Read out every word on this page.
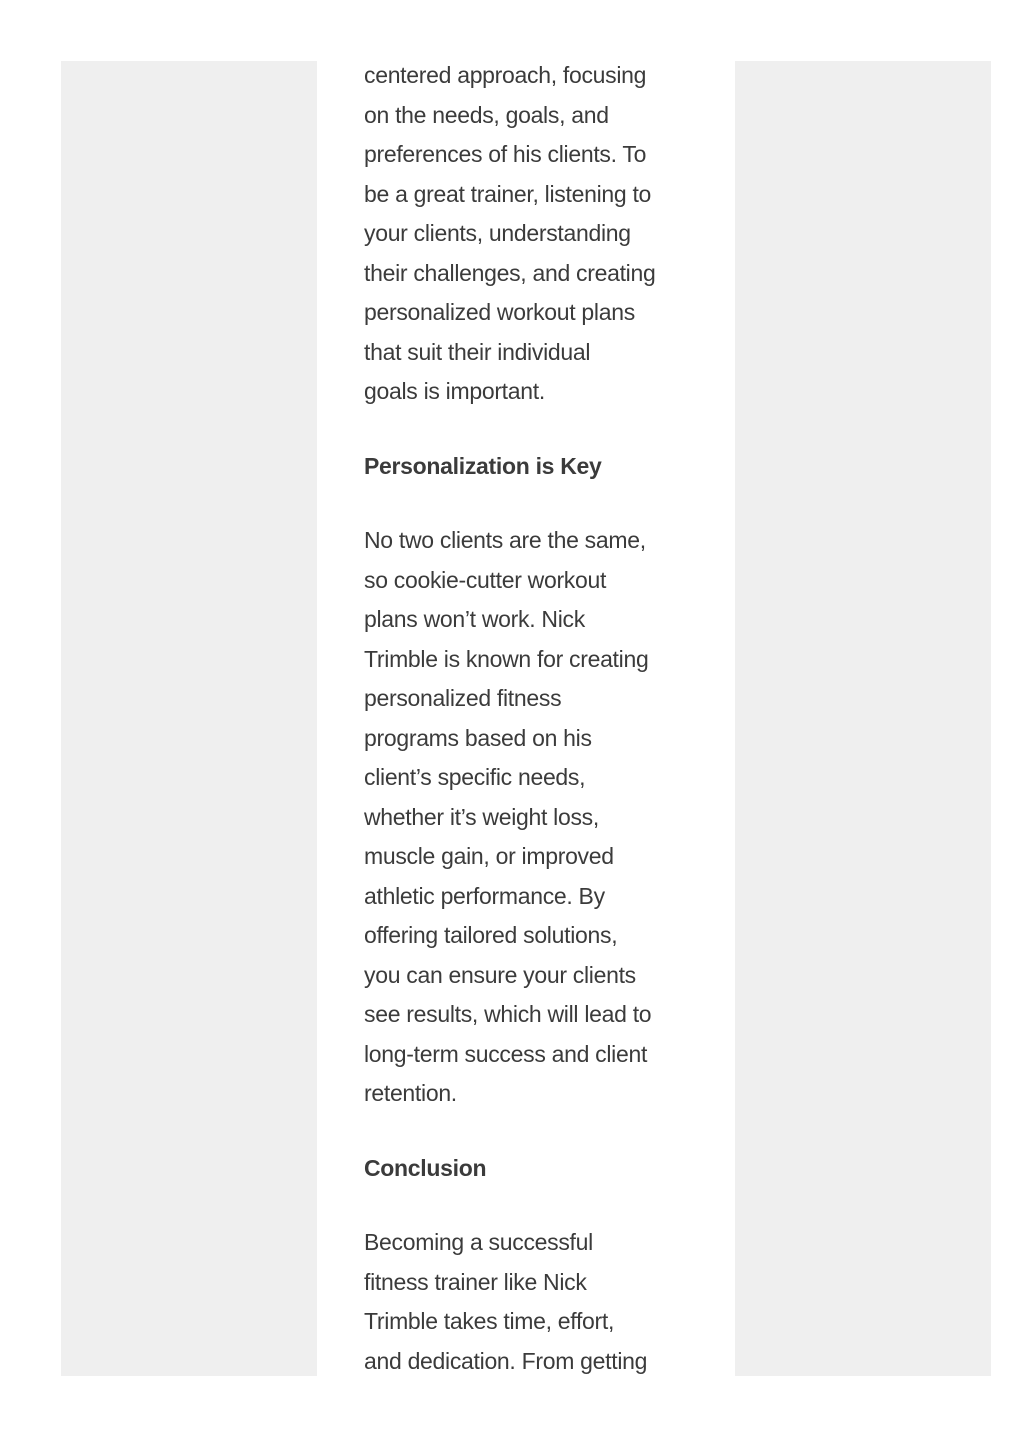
centered approach, focusing
on the needs, goals, and
preferences of his clients. To
be a great trainer, listening to
your clients, understanding
their challenges, and creating
personalized workout plans
that suit their individual
goals is important.

Personalization is Key

No two clients are the same,
so cookie-cutter workout
plans won’t work. Nick
Trimble is known for creating
personalized fitness
programs based on his
client’s specific needs,
whether it’s weight loss,
muscle gain, or improved
athletic performance. By
offering tailored solutions,
you can ensure your clients
see results, which will lead to
long-term success and client
retention.

Conclusion

Becoming a successful
fitness trainer like Nick
Trimble takes time, effort,
and dedication. From getting
